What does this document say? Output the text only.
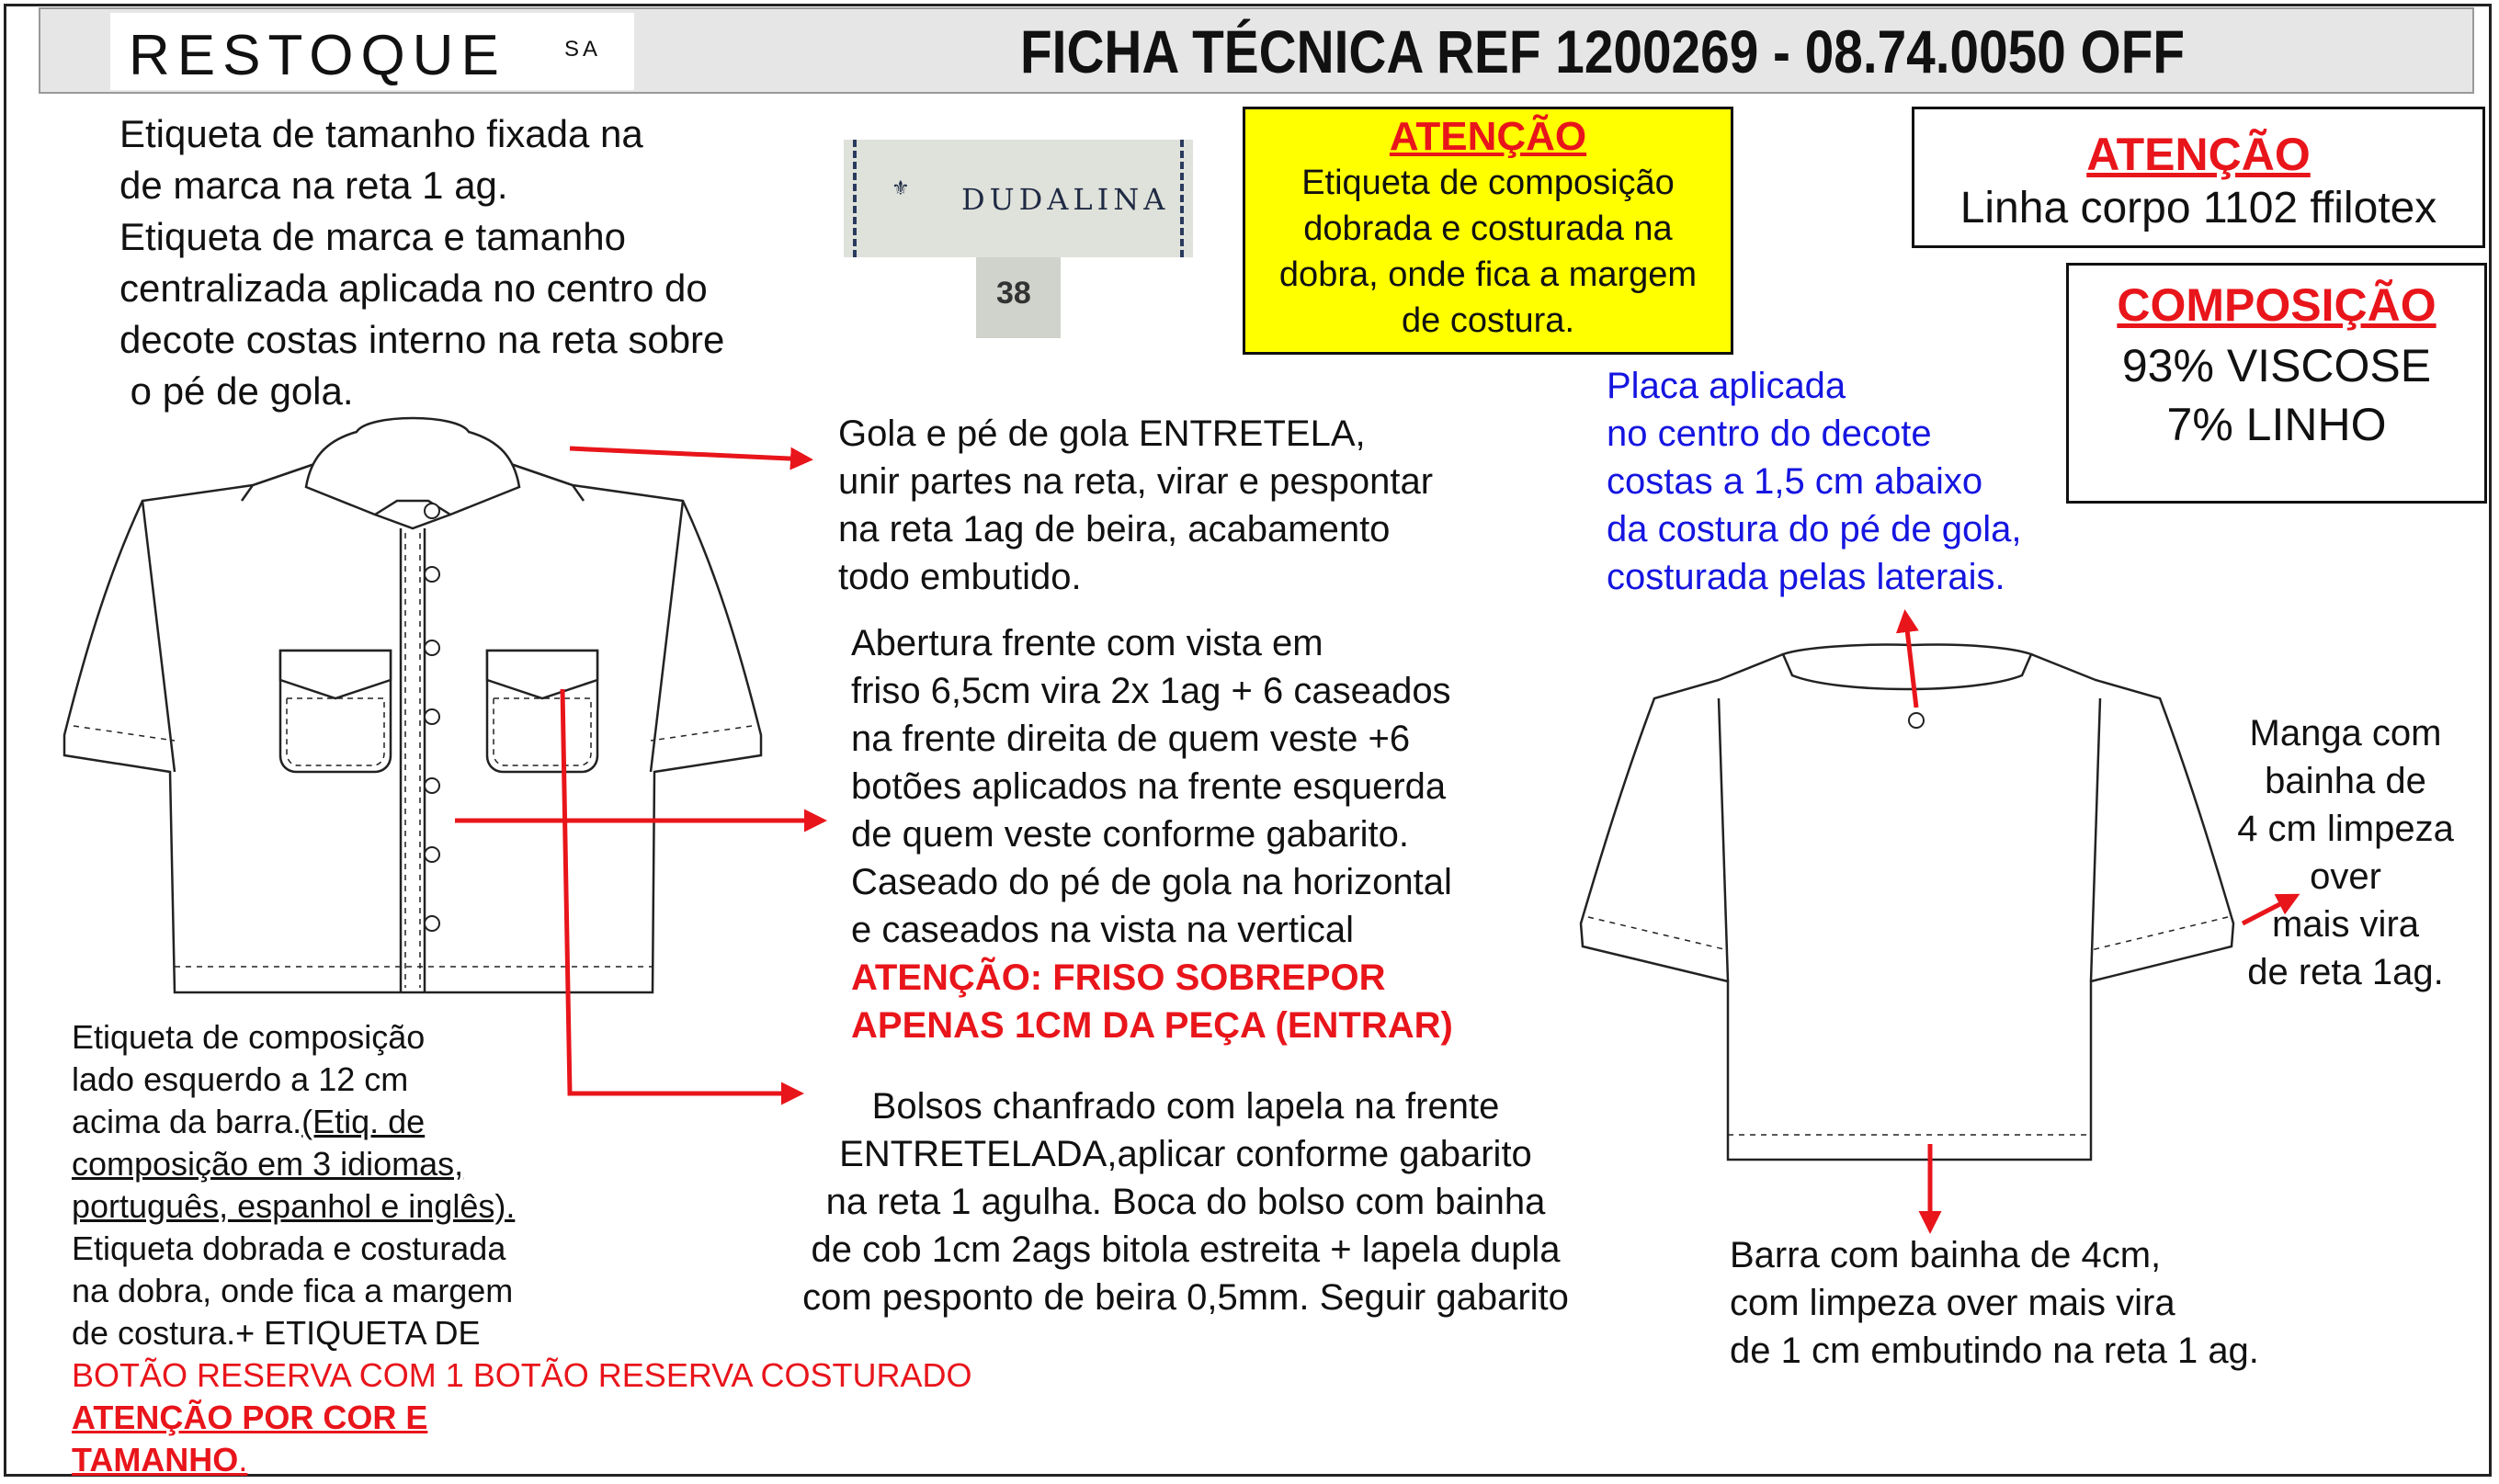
RESTOQUE	SA	FICHA TÉCNICA REF 1200269 - 08.74.0050 OFF
⚜ DUDALINA
38
Etiqueta de tamanho fixada na
de marca na reta 1 ag.
Etiqueta de marca e tamanho
centralizada aplicada no centro do
decote costas interno na reta sobre
o pé de gola.
ATENÇÃO
Etiqueta de composição
dobrada e costurada na
dobra, onde fica a margem
de costura.
ATENÇÃO
Linha corpo 1102 ffilotex
COMPOSIÇÃO
93% VISCOSE
7% LINHO
Placa aplicada
no centro do decote
costas a 1,5 cm abaixo
da costura do pé de gola,
costurada pelas laterais.
Gola e pé de gola ENTRETELA,
unir partes na reta, virar e pespontar
na reta 1ag de beira, acabamento
todo embutido.
Abertura frente com vista em
friso 6,5cm vira 2x 1ag + 6 caseados
na frente direita de quem veste +6
botões aplicados na frente esquerda
de quem veste conforme gabarito.
Caseado do pé de gola na horizontal
e caseados na vista na vertical
ATENÇÃO: FRISO SOBREPOR
APENAS 1CM DA PEÇA (ENTRAR)
Bolsos chanfrado com lapela na frente
ENTRETELADA,aplicar conforme gabarito
na reta 1 agulha. Boca do bolso com bainha
de cob 1cm 2ags bitola estreita + lapela dupla
com pesponto de beira 0,5mm. Seguir gabarito
Etiqueta de composição
lado esquerdo a 12 cm
acima da barra.(Etiq. de
composição em 3 idiomas,
português, espanhol e inglês).
Etiqueta dobrada e costurada
na dobra, onde fica a margem
de costura.+ ETIQUETA DE
BOTÃO RESERVA COM 1 BOTÃO RESERVA COSTURADO
ATENÇÃO POR COR E
TAMANHO.
Manga com
bainha de
4 cm limpeza
over
mais vira
de reta 1ag.
Barra com bainha de 4cm,
com limpeza over mais vira
de 1 cm embutindo na reta 1 ag.
